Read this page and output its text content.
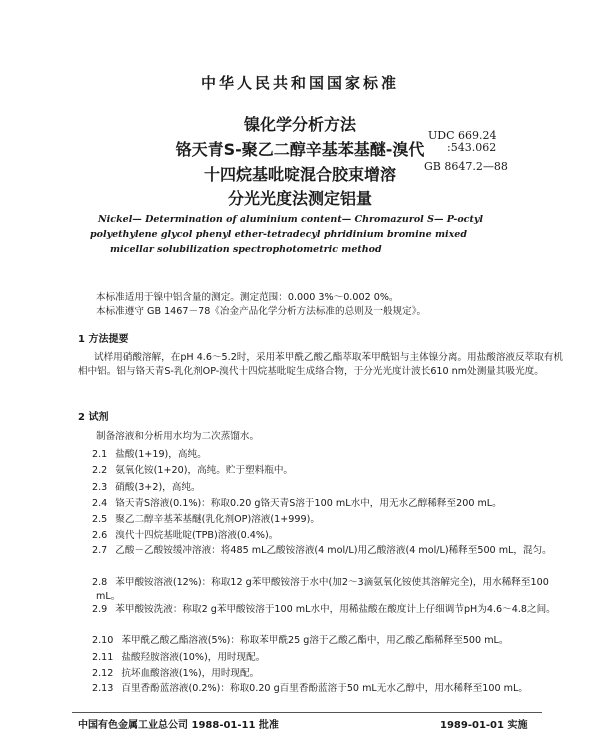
中华人民共和国国家标准
镍化学分析方法
铬天青S-聚乙二醇辛基苯基醚-溴代
十四烷基吡啶混合胶束增溶
分光光度法测定铝量
UDC 669.24
:543.062
GB 8647.2—88
Nickel— Determination of aluminium content— Chromazurol S— P-octyl
polyethylene glycol phenyl ether-tetradecyl phridinium bromine mixed
micellar solubilization spectrophotometric method
本标准适用于镍中铝含量的测定。测定范围：0.000 3%～0.002 0%。
本标准遵守 GB 1467－78《冶金产品化学分析方法标准的总则及一般规定》。
1 方法提要
试样用硝酸溶解，在pH 4.6～5.2时，采用苯甲酰乙酸乙酯萃取苯甲酰铝与主体镍分离。用盐酸溶液反萃取有机相中铝。铝与铬天青S-乳化剂OP-溴代十四烷基吡啶生成络合物，于分光光度计波长610 nm处测量其吸光度。
2 试剂
制备溶液和分析用水均为二次蒸馏水。
2.1 盐酸(1+19)，高纯。
2.2 氨氧化铵(1+20)，高纯。贮于塑料瓶中。
2.3 硝酸(3+2)，高纯。
2.4 铬天青S溶液(0.1%)：称取0.20 g铬天青S溶于100 mL水中，用无水乙醇稀释至200 mL。
2.5 聚乙二醇辛基苯基醚(乳化剂OP)溶液(1+999)。
2.6 溴代十四烷基吡啶(TPB)溶液(0.4%)。
2.7 乙酸－乙酸铵缓冲溶液：将485 mL乙酸铵溶液(4 mol/L)用乙酸溶液(4 mol/L)稀释至500 mL，混匀。
2.8 苯甲酸铵溶液(12%)：称取12 g苯甲酸铵溶于水中(加2～3滴氨氧化铵使其溶解完全)，用水稀释至100 mL。
2.9 苯甲酸铵洗液：称取2 g苯甲酸铵溶于100 mL水中，用稀盐酸在酸度计上仔细调节pH为4.6～4.8之间。
2.10 苯甲酰乙酸乙酯溶液(5%)：称取苯甲酰25 g溶于乙酸乙酯中，用乙酸乙酯稀释至500 mL。
2.11 盐酸羟胺溶液(10%)，用时现配。
2.12 抗坏血酸溶液(1%)，用时现配。
2.13 百里香酚蓝溶液(0.2%)：称取0.20 g百里香酚蓝溶于50 mL无水乙醇中，用水稀释至100 mL。
中国有色金属工业总公司 1988-01-11 批准	1989-01-01 实施
